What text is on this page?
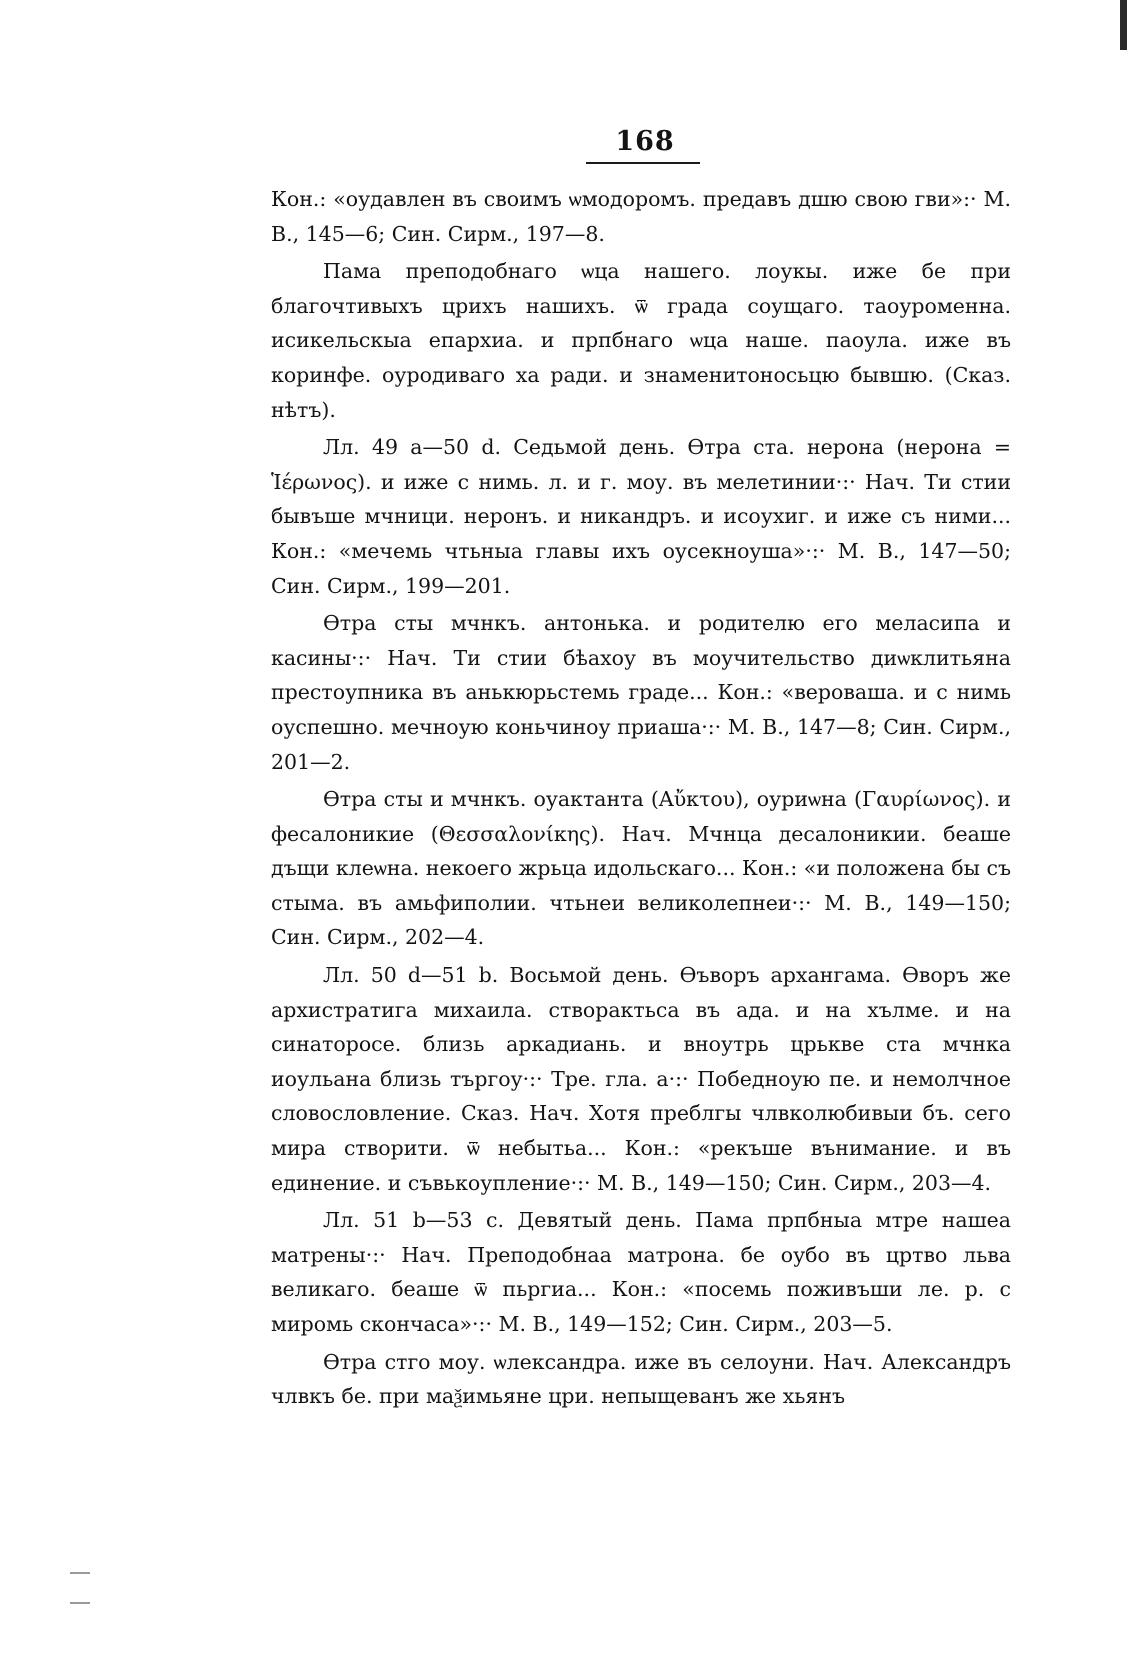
168

Кон.: «оудавлен въ своимъ ѡмодоромъ. предавъ дшю свою гви»:· М. В., 145—6; Син. Сирм., 197—8.

Пама преподобнаго ѡца нашего. лоукы. иже бе при благочтивыхъ црихъ нашихъ. ѿ града соущаго. таоуроменна. исикельскыа епархиа. и прпбнаго ѡца наше. паоула. иже въ коринфе. оуродиваго ха ради. и знаменитоносьцю бывшю. (Сказ. нѣтъ).

Лл. 49 а—50 d. Седьмой день. Ѳтра ста. нерона (нерона = Ἱέρωνος). и иже с нимь. л. и г. моу. въ мелетинии·:· Нач. Ти стии бывъше мчници. неронъ. и никандръ. и исоухиг. и иже съ ними... Кон.: «мечемь чтьныа главы ихъ оусекноуша»·:· М. В., 147—50; Син. Сирм., 199—201.

Ѳтра сты мчнкъ. антонька. и родителю его меласипа и касины·:· Нач. Ти стии бѣахоу въ моучительство диѡклитьяна престоупника въ анькюрьстемь граде... Кон.: «вероваша. и с нимь оуспешно. мечноую коньчиноу приаша·:· М. В., 147—8; Син. Сирм., 201—2.

Ѳтра сты и мчнкъ. оуактанта (Αὔκτου), оуриѡна (Γαυρίωνος). и фесалоникие (Θεσσαλονίκης). Нач. Мчнца десалоникии. беаше дъщи клеѡна. некоего жрьца идольскаго... Кон.: «и положена бы съ стыма. въ амьфиполии. чтьнеи великолепнеи·:· М. В., 149—150; Син. Сирм., 202—4.

Лл. 50 d—51 b. Восьмой день. Ѳъворъ архангама. Ѳворъ же архистратига михаила. створактьса въ ада. и на хълме. и на синаторосе. близь аркадиань. и вноутрь црькве ста мчнка иоульана близь търгоу·:· Тре. гла. а·:· Победноую пе. и немолчное словословление. Сказ. Нач. Хотя преблгы члвколюбивыи бъ. сего мира створити. ѿ небытьа... Кон.: «рекъше вънимание. и въ единение. и съвькоупление·:· М. В., 149—150; Син. Сирм., 203—4.

Лл. 51 b—53 с. Девятый день. Пама прпбныа мтре нашеа матрены·:· Нач. Преподобнаа матрона. бе оубо въ цртво льва великаго. беаше ѿ пьргиа... Кон.: «посемь поживъши ле. р. с миромь скончаса»·:· М. В., 149—152; Син. Сирм., 203—5.

Ѳтра стго моу. ѡлександра. иже въ селоуни. Нач. Александръ члвкъ бе. при маѯимьяне цри. непыщеванъ же хьянъ
